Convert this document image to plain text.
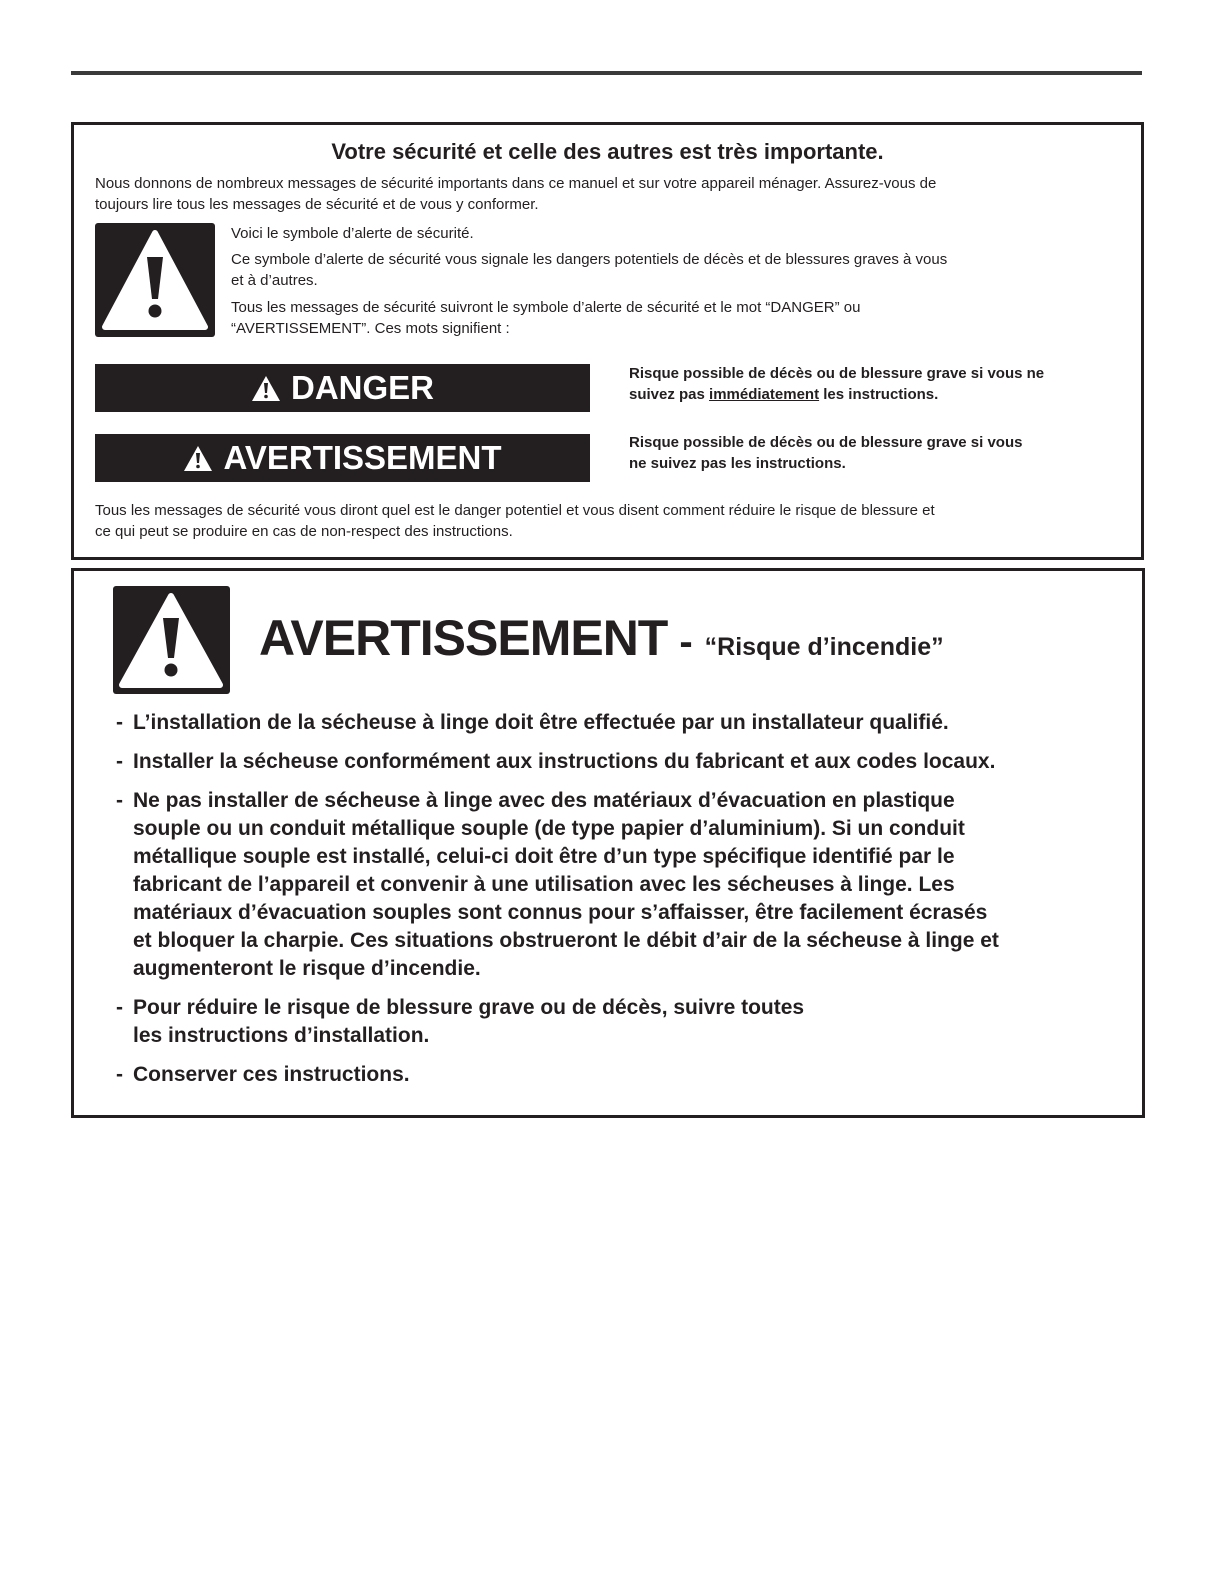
Votre sécurité et celle des autres est très importante.
Nous donnons de nombreux messages de sécurité importants dans ce manuel et sur votre appareil ménager. Assurez-vous de
toujours lire tous les messages de sécurité et de vous y conformer.
Voici le symbole d’alerte de sécurité.
Ce symbole d’alerte de sécurité vous signale les dangers potentiels de décès et de blessures graves à vous
et à d’autres.
Tous les messages de sécurité suivront le symbole d’alerte de sécurité et le mot “DANGER” ou
“AVERTISSEMENT”. Ces mots signifient :
DANGER	Risque possible de décès ou de blessure grave si vous ne
suivez pas immédiatement les instructions.
AVERTISSEMENT	Risque possible de décès ou de blessure grave si vous
ne suivez pas les instructions.
Tous les messages de sécurité vous diront quel est le danger potentiel et vous disent comment réduire le risque de blessure et
ce qui peut se produire en cas de non-respect des instructions.
AVERTISSEMENT - “Risque d’incendie”
- L’installation de la sécheuse à linge doit être effectuée par un installateur qualifié.
- Installer la sécheuse conformément aux instructions du fabricant et aux codes locaux.
- Ne pas installer de sécheuse à linge avec des matériaux d’évacuation en plastique
souple ou un conduit métallique souple (de type papier d’aluminium). Si un conduit
métallique souple est installé, celui-ci doit être d’un type spécifique identifié par le
fabricant de l’appareil et convenir à une utilisation avec les sécheuses à linge. Les
matériaux d’évacuation souples sont connus pour s’affaisser, être facilement écrasés
et bloquer la charpie. Ces situations obstrueront le débit d’air de la sécheuse à linge et
augmenteront le risque d’incendie.
- Pour réduire le risque de blessure grave ou de décès, suivre toutes
les instructions d’installation.
- Conserver ces instructions.
